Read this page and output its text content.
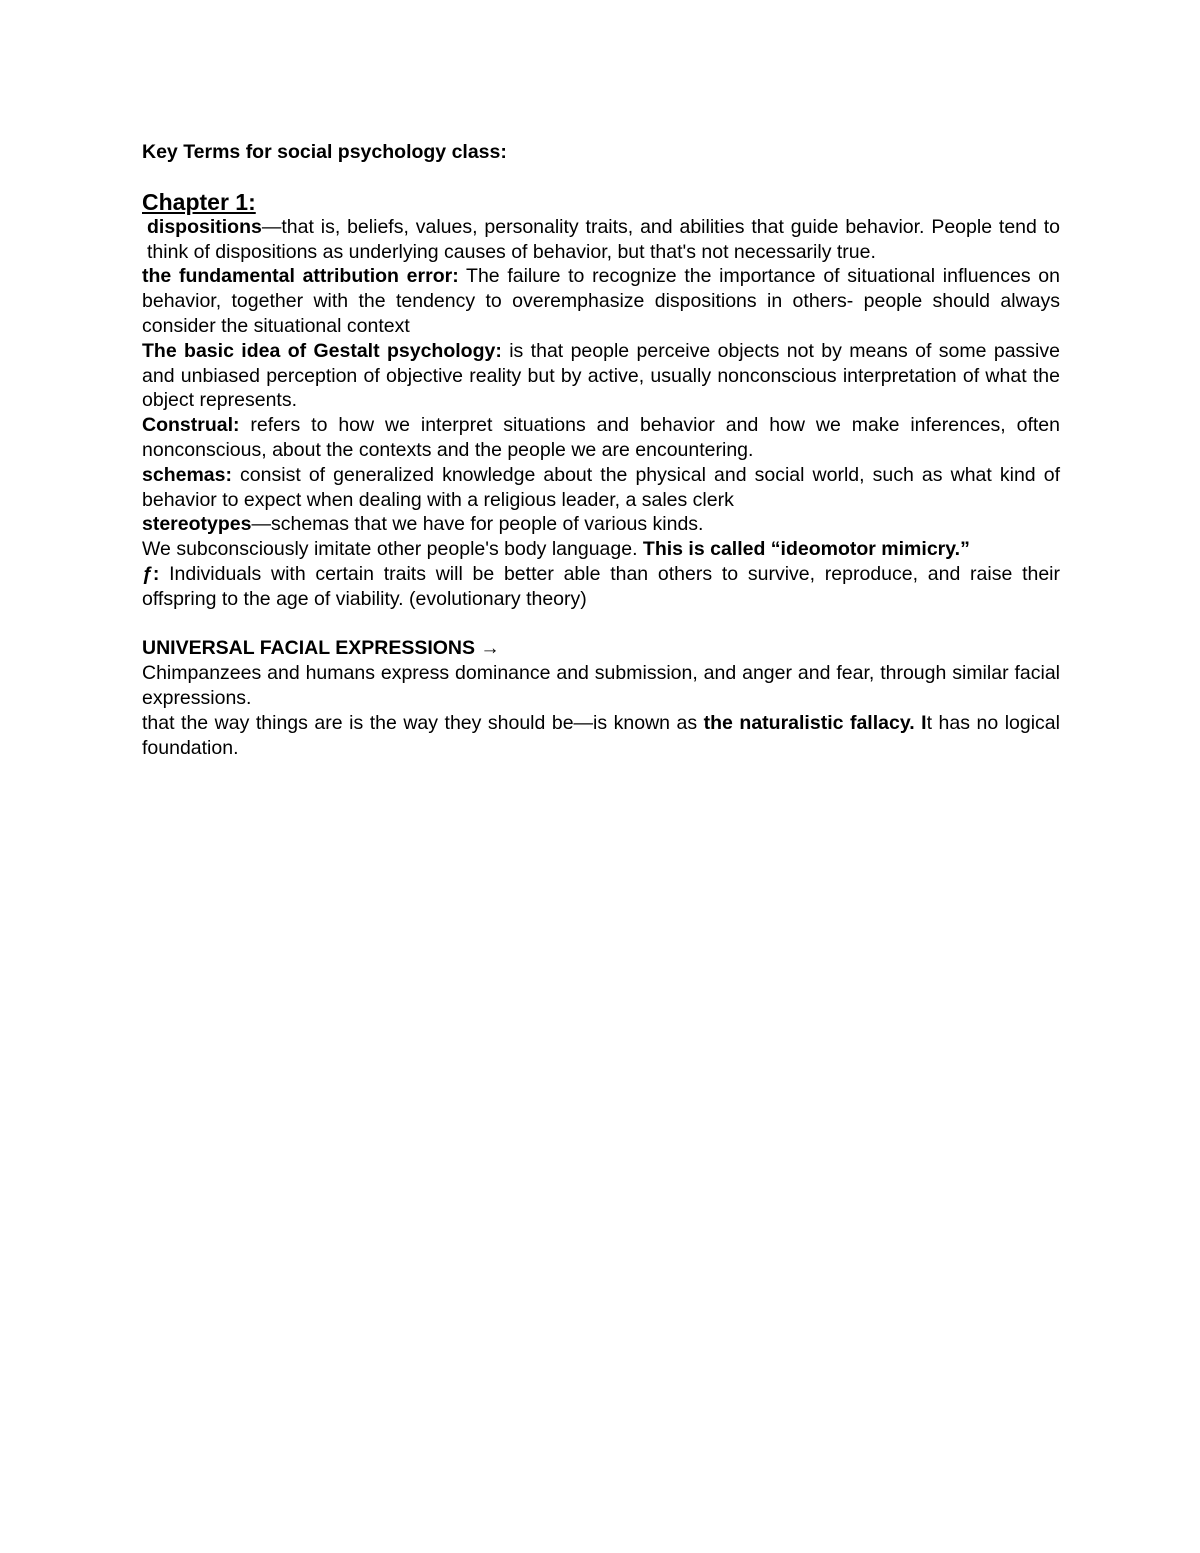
Key Terms for social psychology class:

Chapter 1:

dispositions—that is, beliefs, values, personality traits, and abilities that guide behavior. People tend to think of dispositions as underlying causes of behavior, but that's not necessarily true.

the fundamental attribution error: The failure to recognize the importance of situational influences on behavior, together with the tendency to overemphasize dispositions in others- people should always consider the situational context

The basic idea of Gestalt psychology: is that people perceive objects not by means of some passive and unbiased perception of objective reality but by active, usually nonconscious interpretation of what the object represents.

Construal: refers to how we interpret situations and behavior and how we make inferences, often nonconscious, about the contexts and the people we are encountering.

schemas: consist of generalized knowledge about the physical and social world, such as what kind of behavior to expect when dealing with a religious leader, a sales clerk

stereotypes—schemas that we have for people of various kinds.

We subconsciously imitate other people's body language. This is called “ideomotor mimicry.”

ƒ: Individuals with certain traits will be better able than others to survive, reproduce, and raise their offspring to the age of viability. (evolutionary theory)

UNIVERSAL FACIAL EXPRESSIONS →

Chimpanzees and humans express dominance and submission, and anger and fear, through similar facial expressions.

that the way things are is the way they should be—is known as the naturalistic fallacy. It has no logical foundation.
